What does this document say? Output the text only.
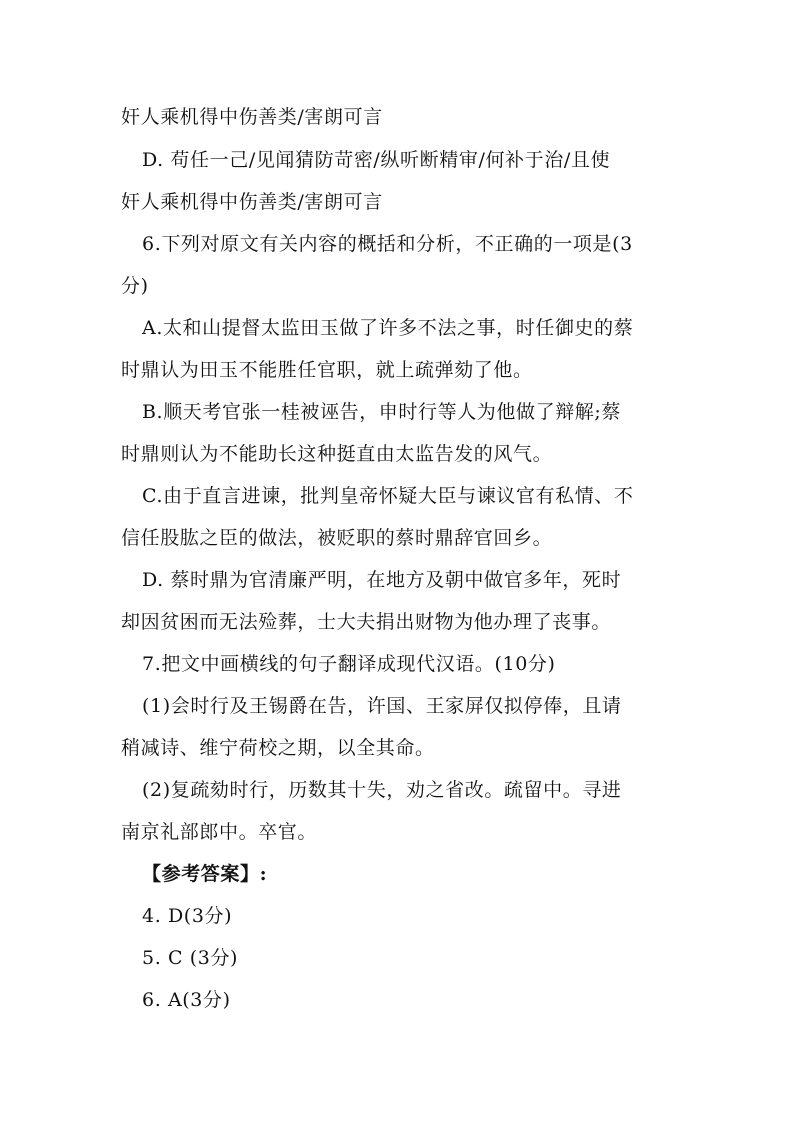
奸人乘机得中伤善类/害朗可言
D. 苟任一己/见闻猜防苛密/纵听断精审/何补于治/且使
奸人乘机得中伤善类/害朗可言
6.下列对原文有关内容的概括和分析，不正确的一项是(3
分)
A.太和山提督太监田玉做了许多不法之事，时任御史的蔡
时鼎认为田玉不能胜任官职，就上疏弹劾了他。
B.顺天考官张一桂被诬告，申时行等人为他做了辩解;蔡
时鼎则认为不能助长这种挺直由太监告发的风气。
C.由于直言进谏，批判皇帝怀疑大臣与谏议官有私情、不
信任股肱之臣的做法，被贬职的蔡时鼎辞官回乡。
D. 蔡时鼎为官清廉严明，在地方及朝中做官多年，死时
却因贫困而无法殓葬，士大夫捐出财物为他办理了丧事。
7.把文中画横线的句子翻译成现代汉语。(10分)
(1)会时行及王锡爵在告，许国、王家屏仅拟停俸，且请
稍减诗、维宁荷校之期，以全其命。
(2)复疏劾时行，历数其十失，劝之省改。疏留中。寻进
南京礼部郎中。卒官。
【参考答案】:
4. D(3分)
5. C (3分)
6. A(3分)
